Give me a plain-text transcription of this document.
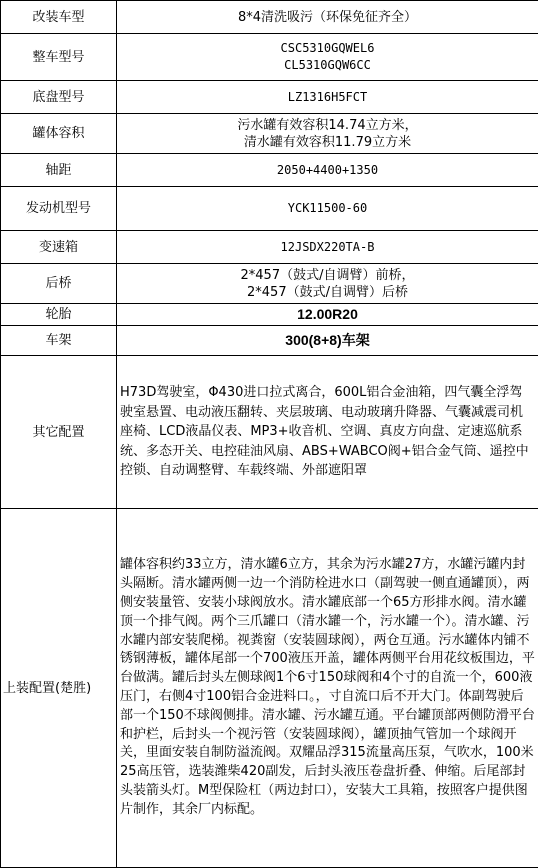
改装车型	8*4清洗吸污（环保免征齐全）
整车型号	CSC5310GQWEL6
CL5310GQW6CC

底盘型号	LZ1316H5FCT
罐体容积	污水罐有效容积14.74立方米，
清水罐有效容积11.79立方米

轴距	2050+4400+1350
发动机型号	YCK11500-60
变速箱	12JSDX220TA-B
后桥	2*457（鼓式/自调臂）前桥，
2*457（鼓式/自调臂）后桥

轮胎	12.00R20
车架	300(8+8)车架
其它配置	H73D驾驶室，Φ430进口拉式离合，600L铝合金油箱，四气囊全浮驾驶室悬置、电动液压翻转、夹层玻璃、电动玻璃升降器、气囊减震司机座椅、LCD液晶仪表、MP3+收音机、空调、真皮方向盘、定速巡航系统、多态开关、电控硅油风扇、ABS+WABCO阀+铝合金气筒、遥控中控锁、自动调整臂、车载终端、外部遮阳罩
上装配置(楚胜)	罐体容积约33立方，清水罐6立方，其余为污水罐27方，水罐污罐内封头隔断。清水罐两侧一边一个消防栓进水口（副驾驶一侧直通罐顶），两侧安装量管、安装小球阀放水。清水罐底部一个65方形排水阀。清水罐顶一个排气阀。两个三爪罐口（清水罐一个，污水罐一个）。清水罐、污水罐内部安装爬梯。视粪窗（安装圆球阀），两仓互通。污水罐体内铺不锈钢薄板，罐体尾部一个700液压开盖，罐体两侧平台用花纹板围边，平台做满。罐后封头左侧球阀1个6寸150球阀和4个寸的自流一个，600液压门，右侧4寸100铝合金进料口。，寸自流口后不开大门。体副驾驶后部一个150不球阀侧排。清水罐、污水罐互通。平台罐顶部两侧防滑平台和护栏，后封头一个视污管（安装圆球阀），罐顶抽气管加一个球阀开关，里面安装自制防溢流阀。双耀品浮315流量高压泵，气吹水，100米25高压管，选装潍柴420副发，后封头液压卷盘折叠、伸缩。后尾部封头装箭头灯。M型保险杠（两边封口），安装大工具箱，按照客户提供图片制作，其余厂内标配。
